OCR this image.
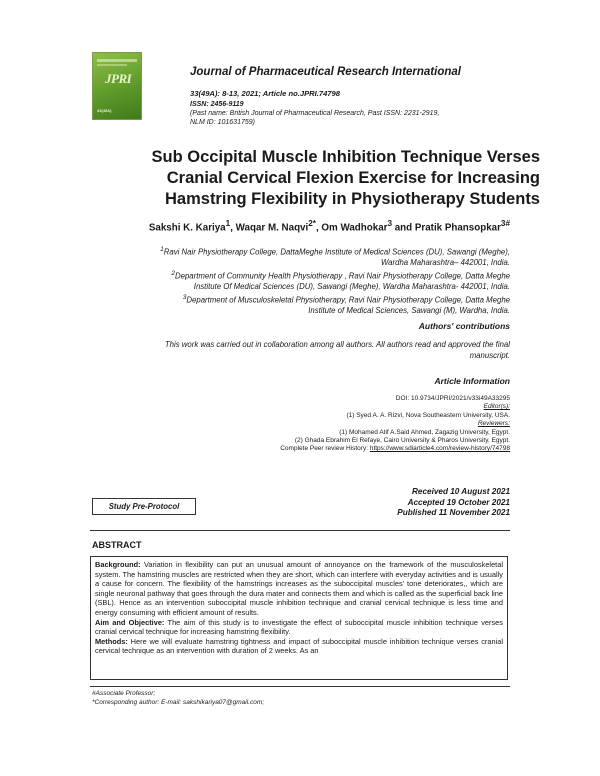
JPRI
33(49A)
Journal of Pharmaceutical Research International
33(49A): 8-13, 2021; Article no.JPRI.74798
ISSN: 2456-9119
(Past name: British Journal of Pharmaceutical Research, Past ISSN: 2231-2919,
NLM ID: 101631759)
Sub Occipital Muscle Inhibition Technique Verses
Cranial Cervical Flexion Exercise for Increasing
Hamstring Flexibility in Physiotherapy Students
Sakshi K. Kariya$^1$, Waqar M. Naqvi$^{2*}$, Om Wadhokar$^3$ and Pratik Phansopkar$^{3\#}$
$^1$Ravi Nair Physiotherapy College, DattaMeghe Institute of Medical Sciences (DU), Sawangi (Meghe),
Wardha Maharashtra– 442001, India.
$^2$Department of Community Health Physiotherapy , Ravi Nair Physiotherapy College, Datta Meghe
Institute Of Medical Sciences (DU), Sawangi (Meghe), Wardha Maharashtra- 442001, India.
$^3$Department of Musculoskeletal Physiotherapy, Ravi Nair Physiotherapy College, Datta Meghe
Institute of Medical Sciences, Sawangi (M), Wardha, India.
Authors' contributions
This work was carried out in collaboration among all authors. All authors read and approved the final
manuscript.
Article Information
DOI: 10.9734/JPRI/2021/v33i49A33295
Editor(s):
(1) Syed A. A. Rizvi, Nova Southeastern University, USA.
Reviewers:
(1) Mohamed Atif A.Said Ahmed, Zagazig University, Egypt.
(2) Ghada Ebrahim El Refaye, Cairo University & Pharos University, Egypt.
Complete Peer review History: https://www.sdiarticle4.com/review-history/74798
Study Pre-Protocol
Received 10 August 2021
Accepted 19 October 2021
Published 11 November 2021
ABSTRACT

Background: Variation in flexibility can put an unusual amount of annoyance on the framework of the musculoskeletal system. The hamstring muscles are restricted when they are short, which can interfere with everyday activities and is usually a cause for concern. The flexibility of the hamstrings increases as the suboccipital muscles' tone deteriorates,, which are single neuronal pathway that goes through the dura mater and connects them and which is called as the superficial back line (SBL). Hence as an intervention suboccipital muscle inhibition technique and cranial cervical technique is less time and energy consuming with efficient amount of results.

Aim and Objective: The aim of this study is to investigate the effect of suboccipital muscle inhibition technique verses cranial cervical technique for increasing hamstring flexibility.

Methods: Here we will evaluate hamstring tightness and impact of suboccipital muscle inhibition technique verses cranial cervical technique as an intervention with duration of 2 weeks. As an

#Associate Professor;
*Corresponding author: E-mail: sakshikariya07@gmail.com;
